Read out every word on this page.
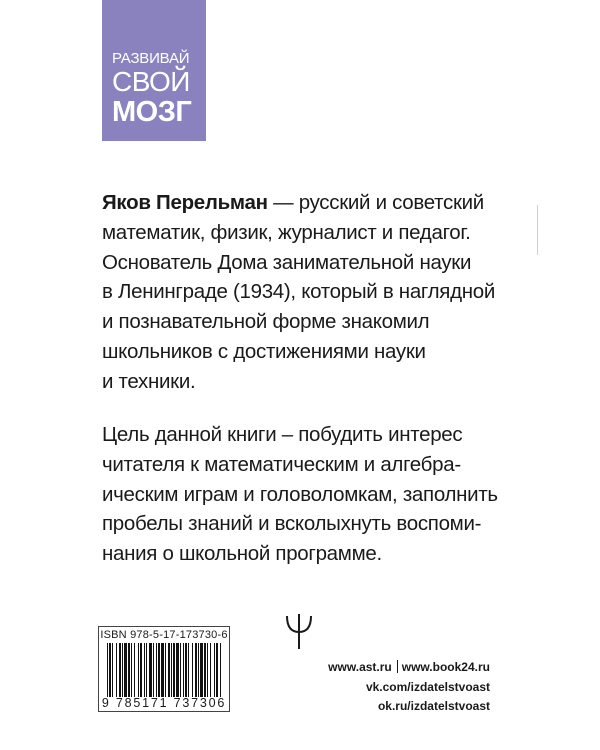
РАЗВИВАЙ
СВОЙ
МОЗГ
Яков Перельман — русский и советский
математик, физик, журналист и педагог.
Основатель Дома занимательной науки
в Ленинграде (1934), который в наглядной
и познавательной форме знакомил
школьников с достижениями науки
и техники.
Цель данной книги – побудить интерес
читателя к математическим и алгебра-
ическим играм и головоломкам, заполнить
пробелы знаний и всколыхнуть воспоми-
нания о школьной программе.
ISBN 978-5-17-173730-6
9 785171 737306
www.ast.ru www.book24.ru
vk.com/izdatelstvoast
ok.ru/izdatelstvoast
